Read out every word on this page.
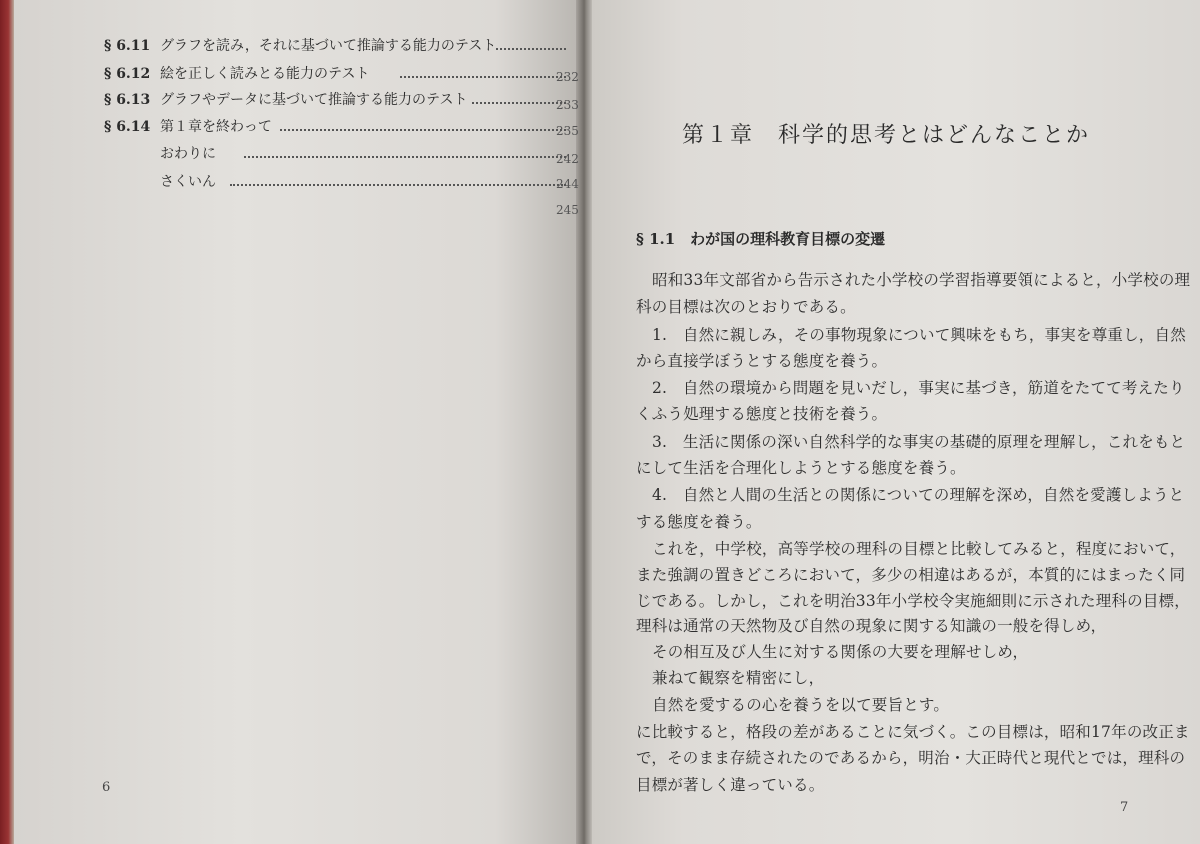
§ 6.11 グラフを読み，それに基づいて推論する能力のテスト
232
§ 6.12 絵を正しく読みとる能力のテスト
233
§ 6.13 グラフやデータに基づいて推論する能力のテスト
235
§ 6.14 第１章を終わって
242
おわりに
244
さくいん
245
6
第１章　科学的思考とはどんなことか
§ 1.1　わが国の理科教育目標の変遷
昭和33年文部省から告示された小学校の学習指導要領によると，小学校の理
科の目標は次のとおりである。
1.　自然に親しみ，その事物現象について興味をもち，事実を尊重し，自然
から直接学ぼうとする態度を養う。
2.　自然の環境から問題を見いだし，事実に基づき，筋道をたてて考えたり
くふう処理する態度と技術を養う。
3.　生活に関係の深い自然科学的な事実の基礎的原理を理解し，これをもと
にして生活を合理化しようとする態度を養う。
4.　自然と人間の生活との関係についての理解を深め，自然を愛護しようと
する態度を養う。
これを，中学校，高等学校の理科の目標と比較してみると，程度において，
また強調の置きどころにおいて，多少の相違はあるが，本質的にはまったく同
じである。しかし，これを明治33年小学校令実施細則に示された理科の目標，
理科は通常の天然物及び自然の現象に関する知識の一般を得しめ，
その相互及び人生に対する関係の大要を理解せしめ，
兼ねて観察を精密にし，
自然を愛するの心を養うを以て要旨とす。
に比較すると，格段の差があることに気づく。この目標は，昭和17年の改正ま
で，そのまま存続されたのであるから，明治・大正時代と現代とでは，理科の
目標が著しく違っている。
7
